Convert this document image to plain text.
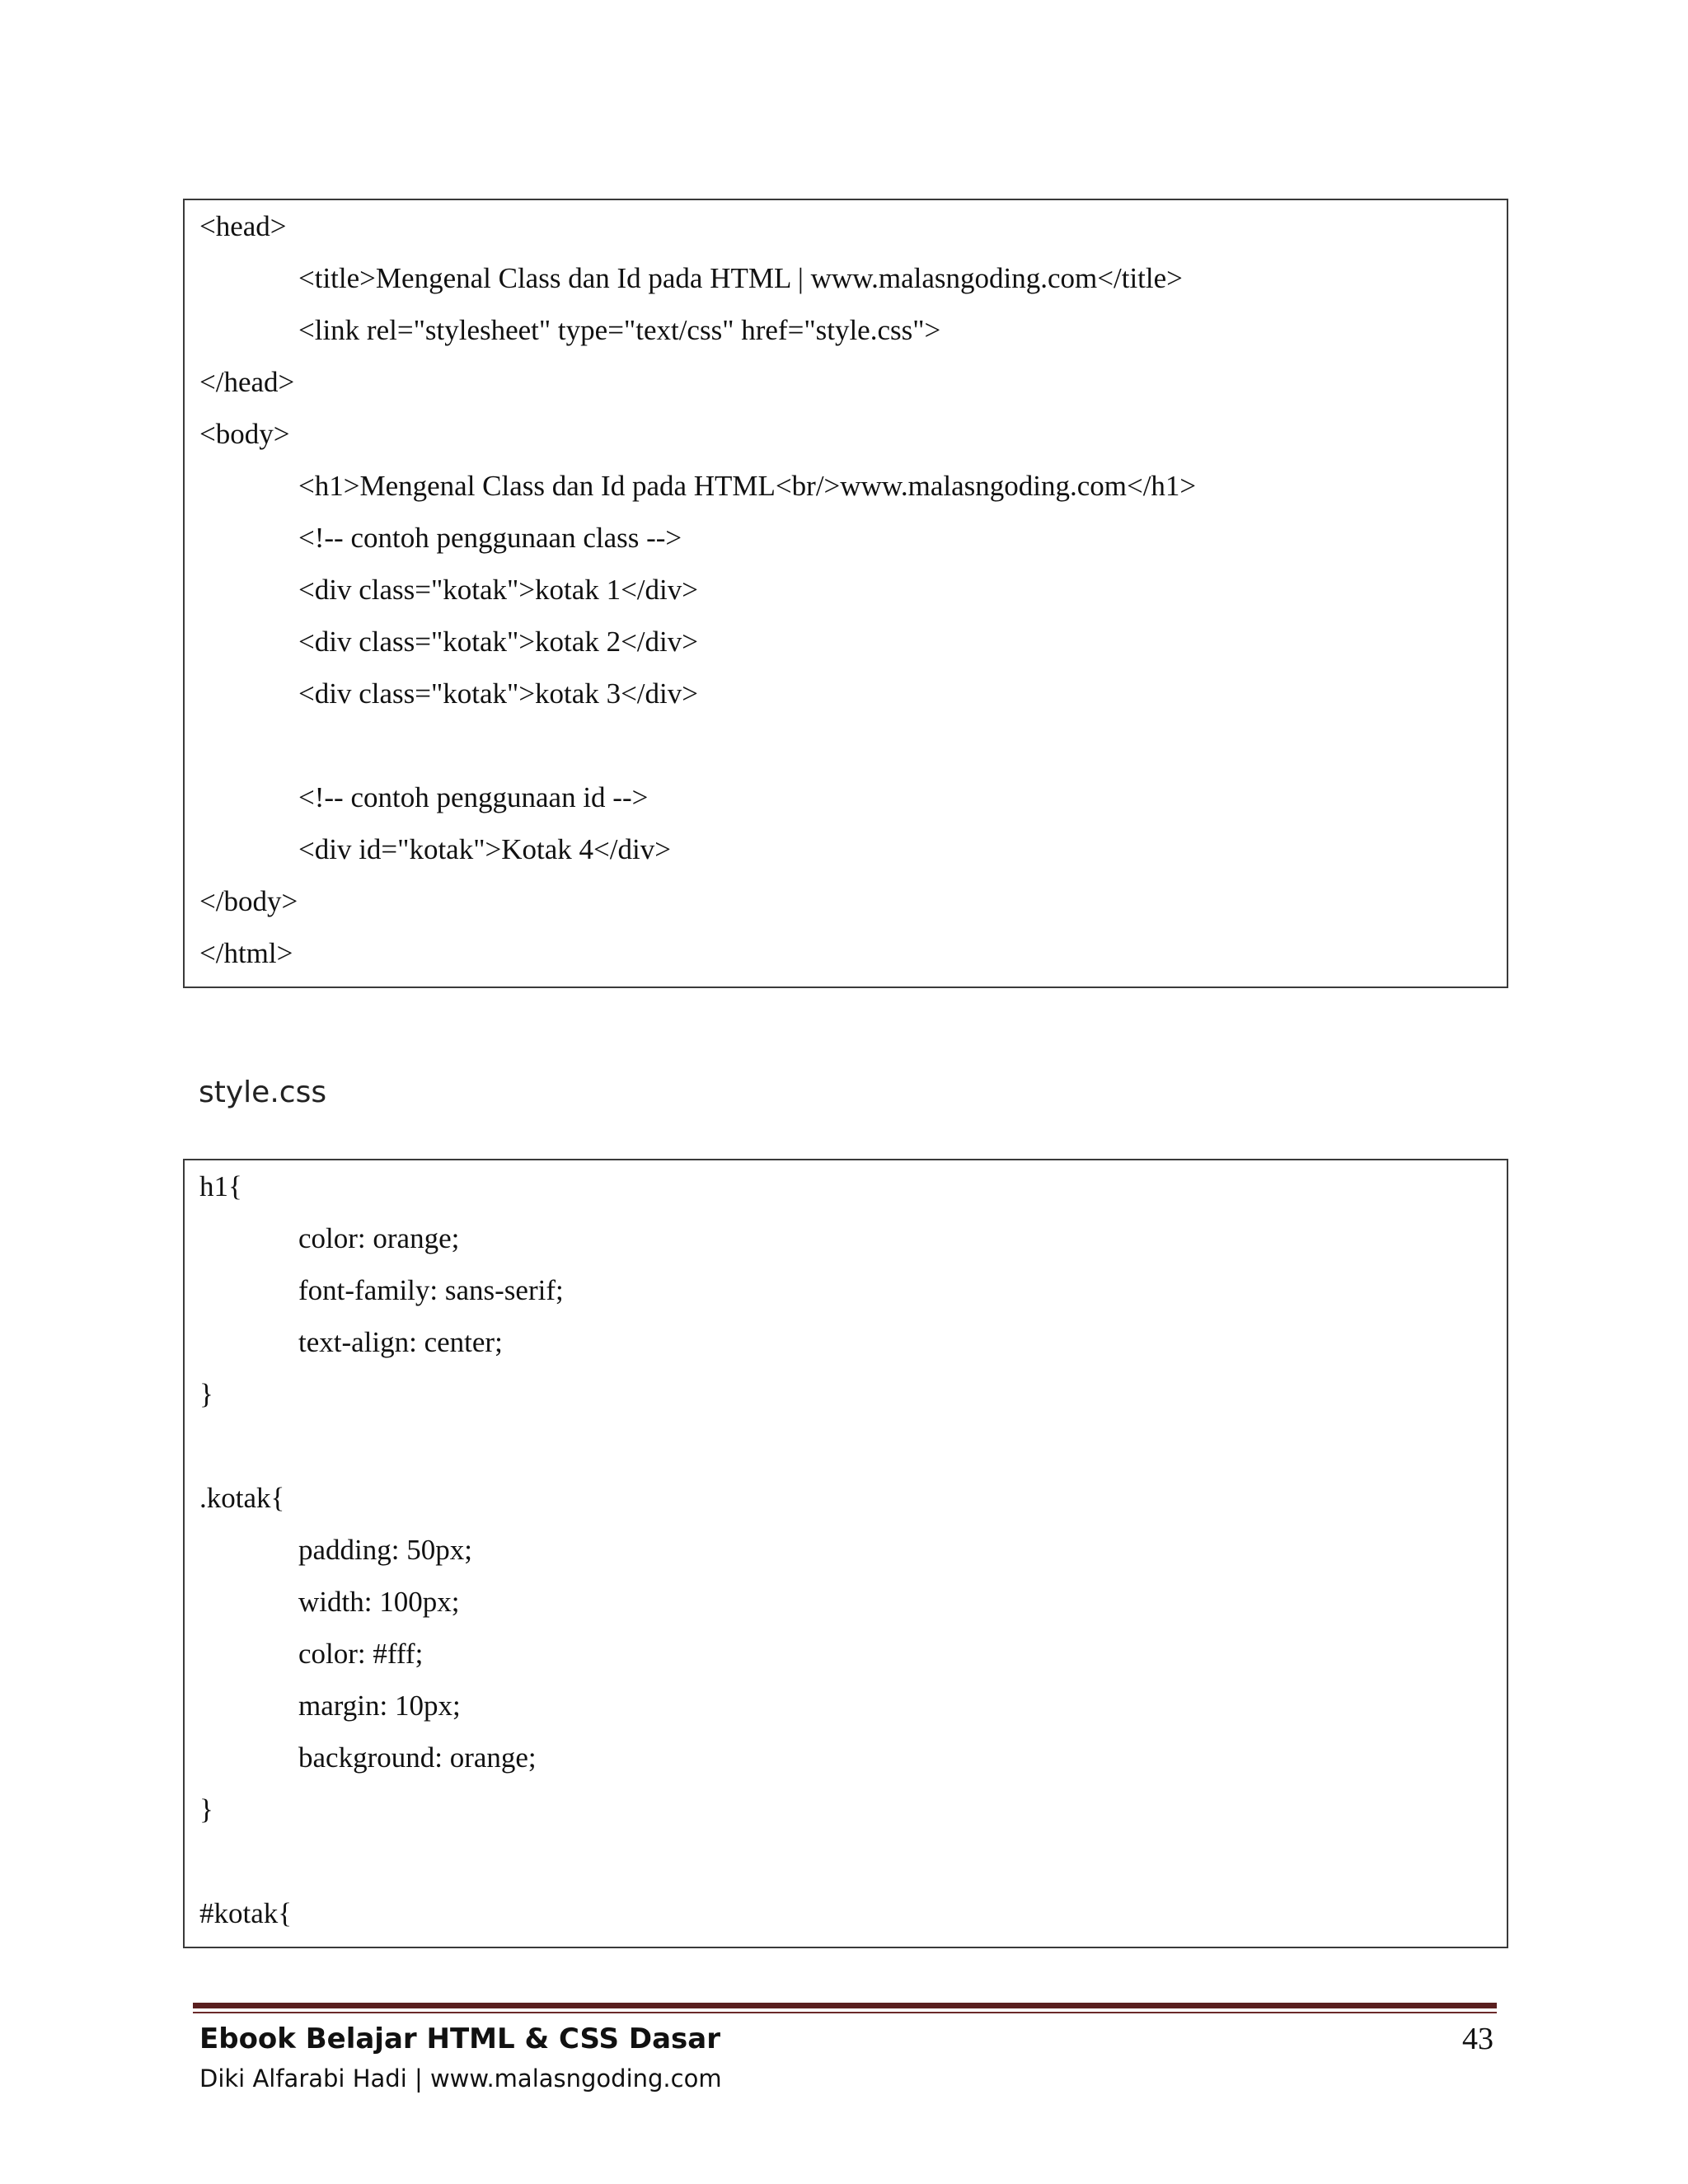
<head>
<title>Mengenal Class dan Id pada HTML | www.malasngoding.com</title>
<link rel="stylesheet" type="text/css" href="style.css">
</head>
<body>
<h1>Mengenal Class dan Id pada HTML<br/>www.malasngoding.com</h1>
<!-- contoh penggunaan class -->
<div class="kotak">kotak 1</div>
<div class="kotak">kotak 2</div>
<div class="kotak">kotak 3</div>
<!-- contoh penggunaan id -->
<div id="kotak">Kotak 4</div>
</body>
</html>
style.css
h1{
color: orange;
font-family: sans-serif;
text-align: center;
}
.kotak{
padding: 50px;
width: 100px;
color: #fff;
margin: 10px;
background: orange;
}
#kotak{
Ebook Belajar HTML & CSS Dasar
Diki Alfarabi Hadi | www.malasngoding.com
43
